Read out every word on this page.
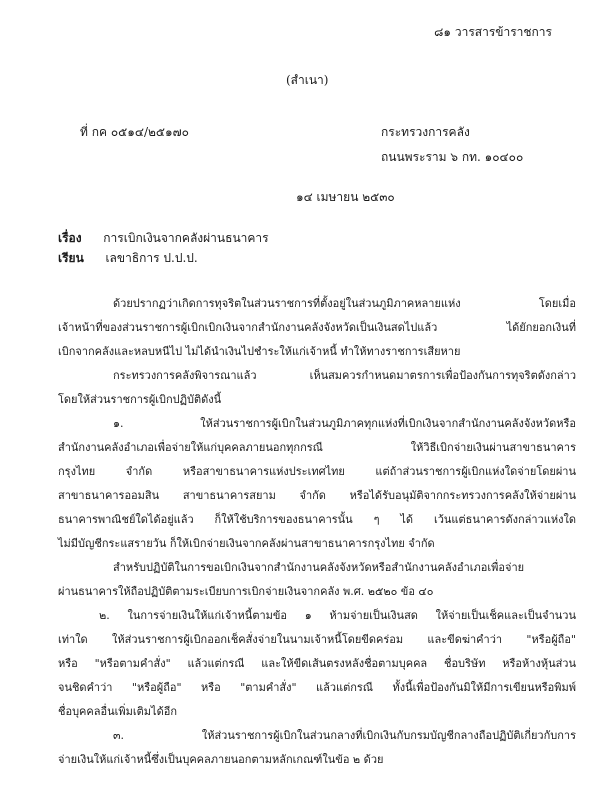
๘๑ วารสารข้าราชการ
(สำเนา)
ที่ กค ๐๕๑๔/๒๕๑๗๐	กระทรวงการคลัง
ถนนพระราม ๖ กท. ๑๐๔๐๐
๑๔ เมษายน ๒๕๓๐
เรื่อง การเบิกเงินจากคลังผ่านธนาคาร
เรียน เลขาธิการ ป.ป.ป.
ด้วยปรากฏว่าเกิดการทุจริตในส่วนราชการที่ตั้งอยู่ในส่วนภูมิภาคหลายแห่ง โดยเมื่อ
เจ้าหน้าที่ของส่วนราชการผู้เบิกเบิกเงินจากสำนักงานคลังจังหวัดเป็นเงินสดไปแล้ว ได้ยักยอกเงินที่
เบิกจากคลังและหลบหนีไป ไม่ได้นำเงินไปชำระให้แก่เจ้าหนี้ ทำให้ทางราชการเสียหาย
กระทรวงการคลังพิจารณาแล้ว เห็นสมควรกำหนดมาตรการเพื่อป้องกันการทุจริตดังกล่าว
โดยให้ส่วนราชการผู้เบิกปฏิบัติดังนี้
๑. ให้ส่วนราชการผู้เบิกในส่วนภูมิภาคทุกแห่งที่เบิกเงินจากสำนักงานคลังจังหวัดหรือ
สำนักงานคลังอำเภอเพื่อจ่ายให้แก่บุคคลภายนอกทุกกรณี ให้วิธีเบิกจ่ายเงินผ่านสาขาธนาคาร
กรุงไทย จำกัด หรือสาขาธนาคารแห่งประเทศไทย แต่ถ้าส่วนราชการผู้เบิกแห่งใดจ่ายโดยผ่าน
สาขาธนาคารออมสิน สาขาธนาคารสยาม จำกัด หรือได้รับอนุมัติจากกระทรวงการคลังให้จ่ายผ่าน
ธนาคารพาณิชย์ใดได้อยู่แล้ว ก็ให้ใช้บริการของธนาคารนั้น ๆ ได้ เว้นแต่ธนาคารดังกล่าวแห่งใด
ไม่มีบัญชีกระแสรายวัน ก็ให้เบิกจ่ายเงินจากคลังผ่านสาขาธนาคารกรุงไทย จำกัด
สำหรับปฏิบัติในการขอเบิกเงินจากสำนักงานคลังจังหวัดหรือสำนักงานคลังอำเภอเพื่อจ่าย
ผ่านธนาคารให้ถือปฏิบัติตามระเบียบการเบิกจ่ายเงินจากคลัง พ.ศ. ๒๕๒๐ ข้อ ๔๐
๒. ในการจ่ายเงินให้แก่เจ้าหนี้ตามข้อ ๑ ห้ามจ่ายเป็นเงินสด ให้จ่ายเป็นเช็คและเป็นจำนวน
เท่าใด ให้ส่วนราชการผู้เบิกออกเช็คสั่งจ่ายในนามเจ้าหนี้โดยขีดคร่อม และขีดฆ่าคำว่า "หรือผู้ถือ"
หรือ "หรือตามคำสั่ง" แล้วแต่กรณี และให้ขีดเส้นตรงหลังชื่อตามบุคคล ชื่อบริษัท หรือห้างหุ้นส่วน
จนชิดคำว่า "หรือผู้ถือ" หรือ "ตามคำสั่ง" แล้วแต่กรณี ทั้งนี้เพื่อป้องกันมิให้มีการเขียนหรือพิมพ์
ชื่อบุคคลอื่นเพิ่มเติมได้อีก
๓. ให้ส่วนราชการผู้เบิกในส่วนกลางที่เบิกเงินกับกรมบัญชีกลางถือปฏิบัติเกี่ยวกับการ
จ่ายเงินให้แก่เจ้าหนี้ซึ่งเป็นบุคคลภายนอกตามหลักเกณฑ์ในข้อ ๒ ด้วย
